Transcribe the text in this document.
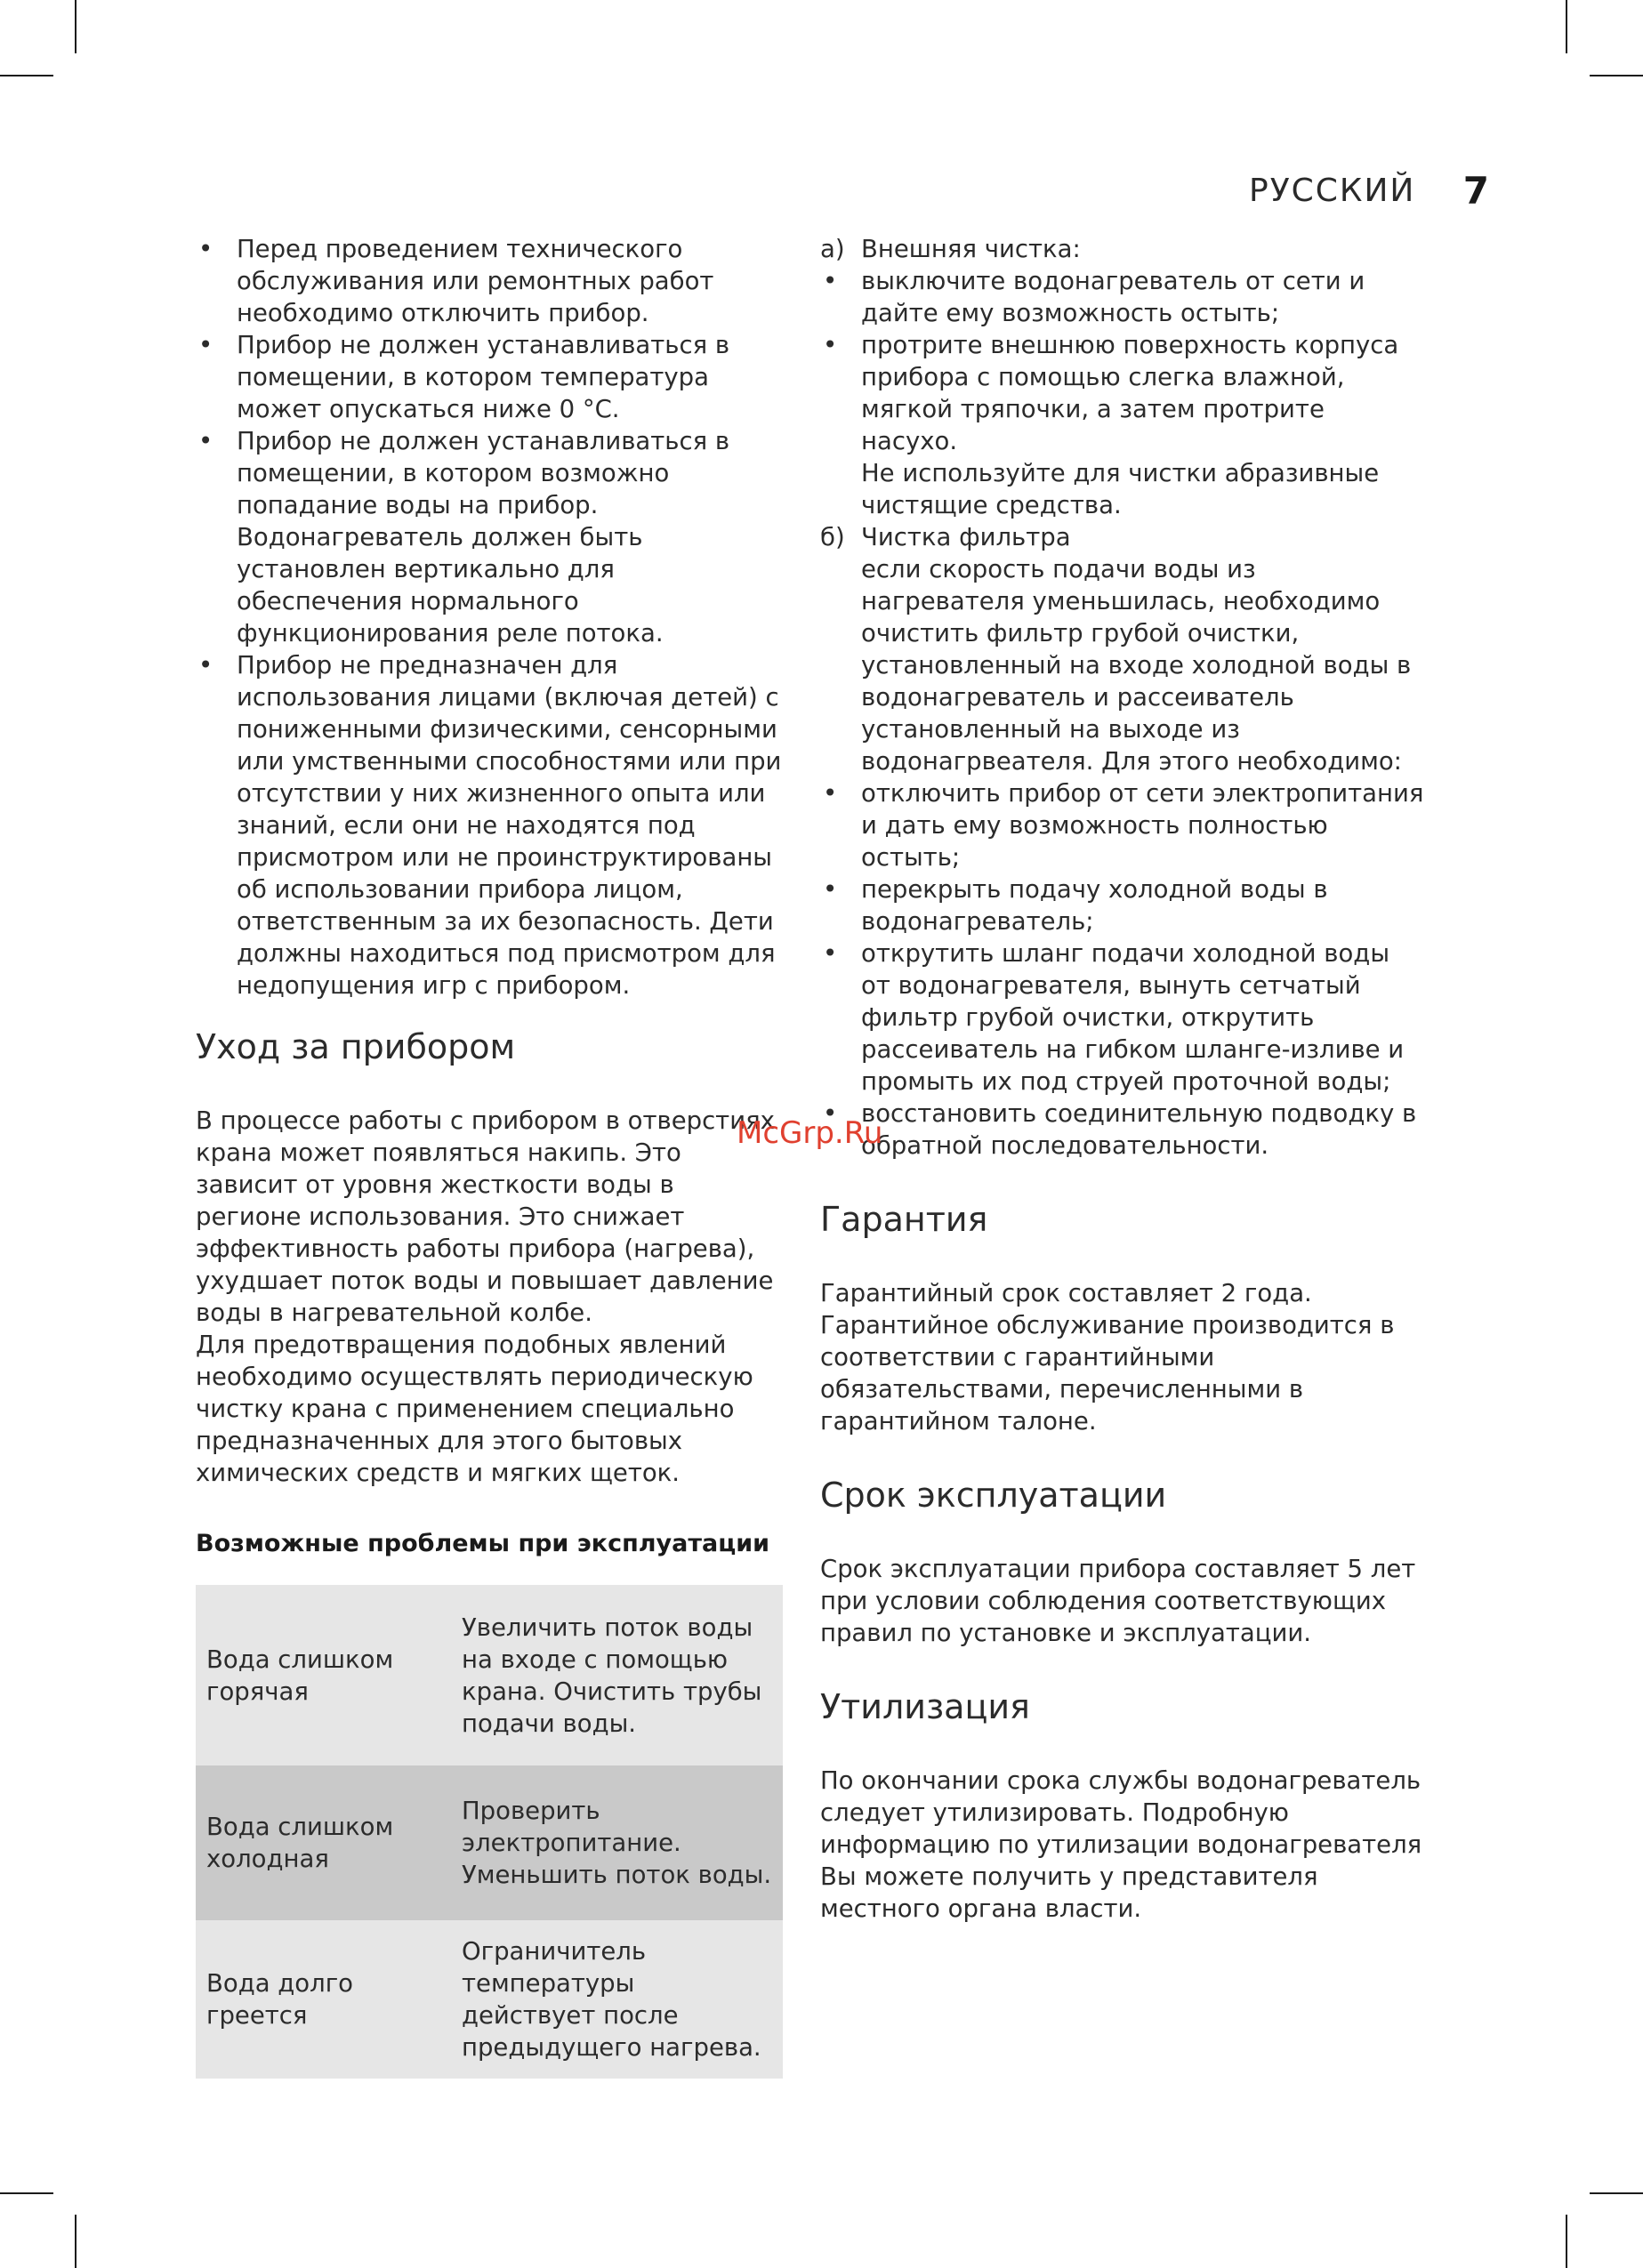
РУССКИЙ 7
• Перед проведением технического обслуживания или ремонтных работ необходимо отключить прибор.
• Прибор не должен устанавливаться в помещении, в котором температура может опускаться ниже 0 °С.
• Прибор не должен устанавливаться в помещении, в котором возможно попадание воды на прибор. Водонагреватель должен быть установлен вертикально для обеспечения нормального функционирования реле потока.
• Прибор не предназначен для использования лицами (включая детей) с пониженными физическими, сенсорными или умственными способностями или при отсутствии у них жизненного опыта или знаний, если они не находятся под присмотром или не проинструктированы об использовании прибора лицом, ответственным за их безопасность. Дети должны находиться под присмотром для недопущения игр с прибором.
Уход за прибором

В процессе работы с прибором в отверстиях крана может появляться накипь. Это зависит от уровня жесткости воды в регионе использования. Это снижает эффективность работы прибора (нагрева), ухудшает поток воды и повышает давление воды в нагревательной колбе.

Для предотвращения подобных явлений необходимо осуществлять периодическую чистку крана с применением специально предназначенных для этого бытовых химических средств и мягких щеток.

Возможные проблемы при эксплуатации
Вода слишком горячая	Увеличить поток воды на входе с помощью крана. Очистить трубы подачи воды.
Вода слишком холодная	Проверить электропитание. Уменьшить поток воды.
Вода долго греется	Ограничитель температуры действует после предыдущего нагрева.
а) Внешняя чистка:
• выключите водонагреватель от сети и дайте ему возможность остыть;
• протрите внешнюю поверхность корпуса прибора с помощью слегка влажной, мягкой тряпочки, а затем протрите насухо.

Не используйте для чистки абразивные чистящие средства.

б) Чистка фильтра

если скорость подачи воды из нагревателя уменьшилась, необходимо очистить фильтр грубой очистки, установленный на входе холодной воды в водонагреватель и рассеиватель установленный на выходе из водонагрвеателя. Для этого необходимо:

• отключить прибор от сети электропитания и дать ему возможность полностью остыть;
• перекрыть подачу холодной воды в водонагреватель;
• открутить шланг подачи холодной воды от водонагревателя, вынуть сетчатый фильтр грубой очистки, открутить рассеиватель на гибком шланге-изливе и промыть их под струей проточной воды;
• восстановить соединительную подводку в обратной последовательности.
Гарантия

Гарантийный срок составляет 2 года. Гарантийное обслуживание производится в соответствии с гарантийными обязательствами, перечисленными в гарантийном талоне.

Срок эксплуатации

Срок эксплуатации прибора составляет 5 лет при условии соблюдения соответствующих правил по установке и эксплуатации.

Утилизация

По окончании срока службы водонагреватель следует утилизировать. Подробную информацию по утилизации водонагревателя Вы можете получить у представителя местного органа власти.

McGrp.Ru
